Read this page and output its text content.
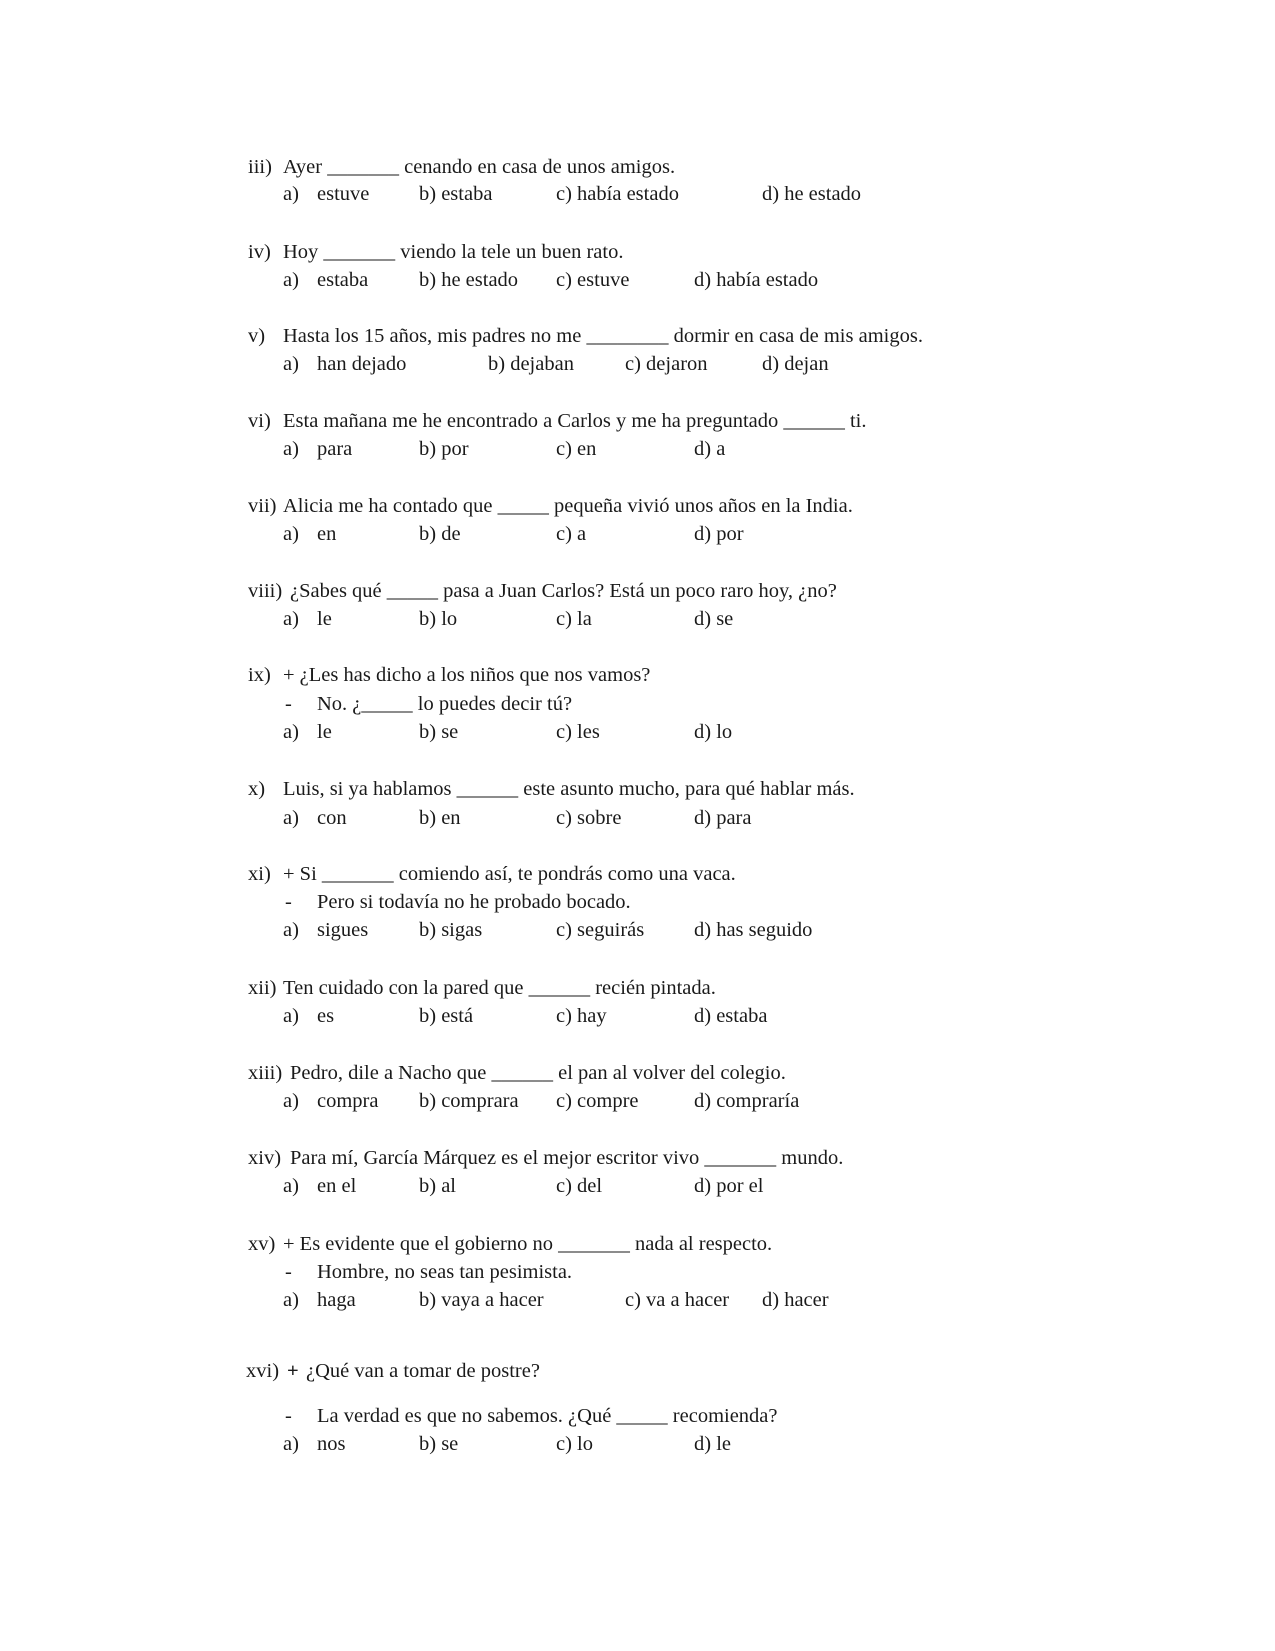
iii) Ayer _______ cenando en casa de unos amigos.
a) estuve b) estaba	c) había estado	d) he estado
iv) Hoy _______ viendo la tele un buen rato.
a) estaba b) he estado c) estuve	d) había estado
v) Hasta los 15 años, mis padres no me ________ dormir en casa de mis amigos.
a) han dejado	b) dejaban c) dejaron	d) dejan
vi) Esta mañana me he encontrado a Carlos y me ha preguntado ______ ti.
a) para	b) por	c) en	d) a
vii) Alicia me ha contado que _____ pequeña vivió unos años en la India.
a) en	b) de	c) a	d) por
viii) ¿Sabes qué _____ pasa a Juan Carlos? Está un poco raro hoy, ¿no?
a) le	b) lo	c) la	d) se
ix) + ¿Les has dicho a los niños que nos vamos?
- No. ¿_____ lo puedes decir tú?
a) le	b) se	c) les	d) lo
x) Luis, si ya hablamos ______ este asunto mucho, para qué hablar más.
a) con	b) en	c) sobre	d) para
xi) + Si _______ comiendo así, te pondrás como una vaca.
- Pero si todavía no he probado bocado.
a) sigues b) sigas	c) seguirás d) has seguido
xii) Ten cuidado con la pared que ______ recién pintada.
a) es	b) está	c) hay	d) estaba
xiii) Pedro, dile a Nacho que ______ el pan al volver del colegio.
a) compra b) comprara c) compre	d) compraría
xiv) Para mí, García Márquez es el mejor escritor vivo _______ mundo.
a) en el	b) al	c) del	d) por el
xv) + Es evidente que el gobierno no _______ nada al respecto.
- Hombre, no seas tan pesimista.
a) haga	b) vaya a hacer	c) va a hacer d) hacer
xvi) + ¿Qué van a tomar de postre?
- La verdad es que no sabemos. ¿Qué _____ recomienda?
a) nos	b) se	c) lo	d) le
